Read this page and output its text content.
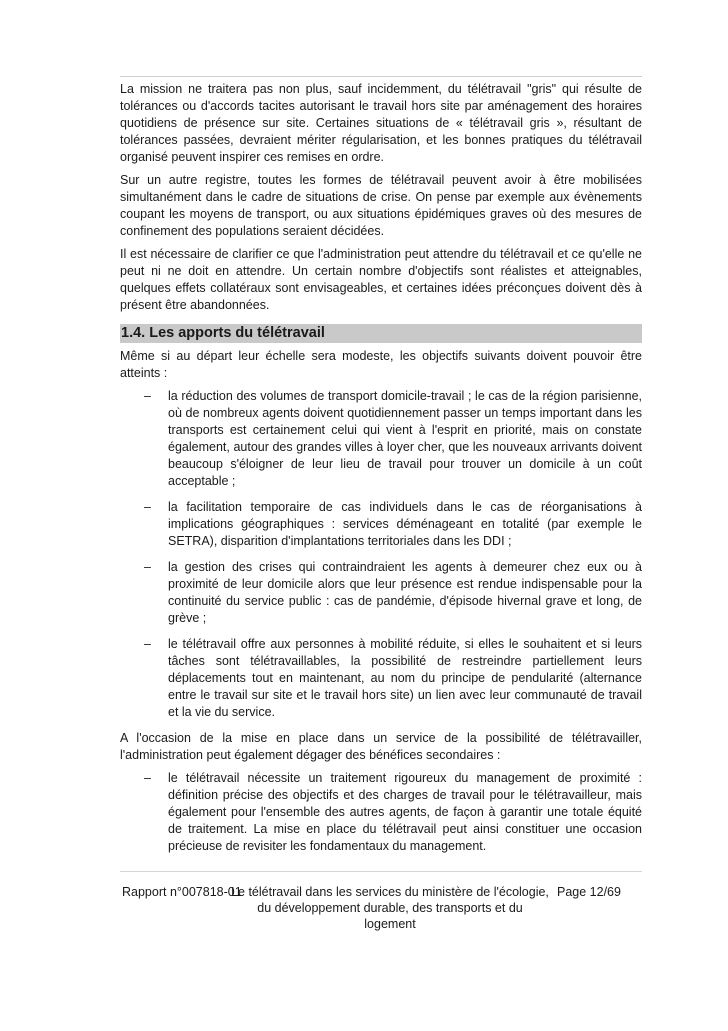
La mission ne traitera pas non plus, sauf incidemment, du télétravail "gris" qui résulte de tolérances ou d'accords tacites autorisant le travail hors site par aménagement des horaires quotidiens de présence sur site. Certaines situations de « télétravail gris », résultant de tolérances passées, devraient mériter régularisation, et les bonnes pratiques du télétravail organisé peuvent inspirer ces remises en ordre.

Sur un autre registre, toutes les formes de télétravail peuvent avoir à être mobilisées simultanément dans le cadre de situations de crise. On pense par exemple aux évènements coupant les moyens de transport, ou aux situations épidémiques graves où des mesures de confinement des populations seraient décidées.

Il est nécessaire de clarifier ce que l'administration peut attendre du télétravail et ce qu'elle ne peut ni ne doit en attendre. Un certain nombre d'objectifs sont réalistes et atteignables, quelques effets collatéraux sont envisageables, et certaines idées préconçues doivent dès à présent être abandonnées.

1.4. Les apports du télétravail

Même si au départ leur échelle sera modeste, les objectifs suivants doivent pouvoir être atteints :

– la réduction des volumes de transport domicile-travail ; le cas de la région parisienne, où de nombreux agents doivent quotidiennement passer un temps important dans les transports est certainement celui qui vient à l'esprit en priorité, mais on constate également, autour des grandes villes à loyer cher, que les nouveaux arrivants doivent beaucoup s'éloigner de leur lieu de travail pour trouver un domicile à un coût acceptable ;
– la facilitation temporaire de cas individuels dans le cas de réorganisations à implications géographiques : services déménageant en totalité (par exemple le SETRA), disparition d'implantations territoriales dans les DDI ;
– la gestion des crises qui contraindraient les agents à demeurer chez eux ou à proximité de leur domicile alors que leur présence est rendue indispensable pour la continuité du service public : cas de pandémie, d'épisode hivernal grave et long, de grève ;
– le télétravail offre aux personnes à mobilité réduite, si elles le souhaitent et si leurs tâches sont télétravaillables, la possibilité de restreindre partiellement leurs déplacements tout en maintenant, au nom du principe de pendularité (alternance entre le travail sur site et le travail hors site) un lien avec leur communauté de travail et la vie du service.

A l'occasion de la mise en place dans un service de la possibilité de télétravailler, l'administration peut également dégager des bénéfices secondaires :

– le télétravail nécessite un traitement rigoureux du management de proximité : définition précise des objectifs et des charges de travail pour le télétravailleur, mais également pour l'ensemble des autres agents, de façon à garantir une totale équité de traitement. La mise en place du télétravail peut ainsi constituer une occasion précieuse de revisiter les fondamentaux du management.
Rapport n°007818-01
Le télétravail dans les services du ministère de l'écologie, du développement durable, des transports et du logement
Page 12/69
